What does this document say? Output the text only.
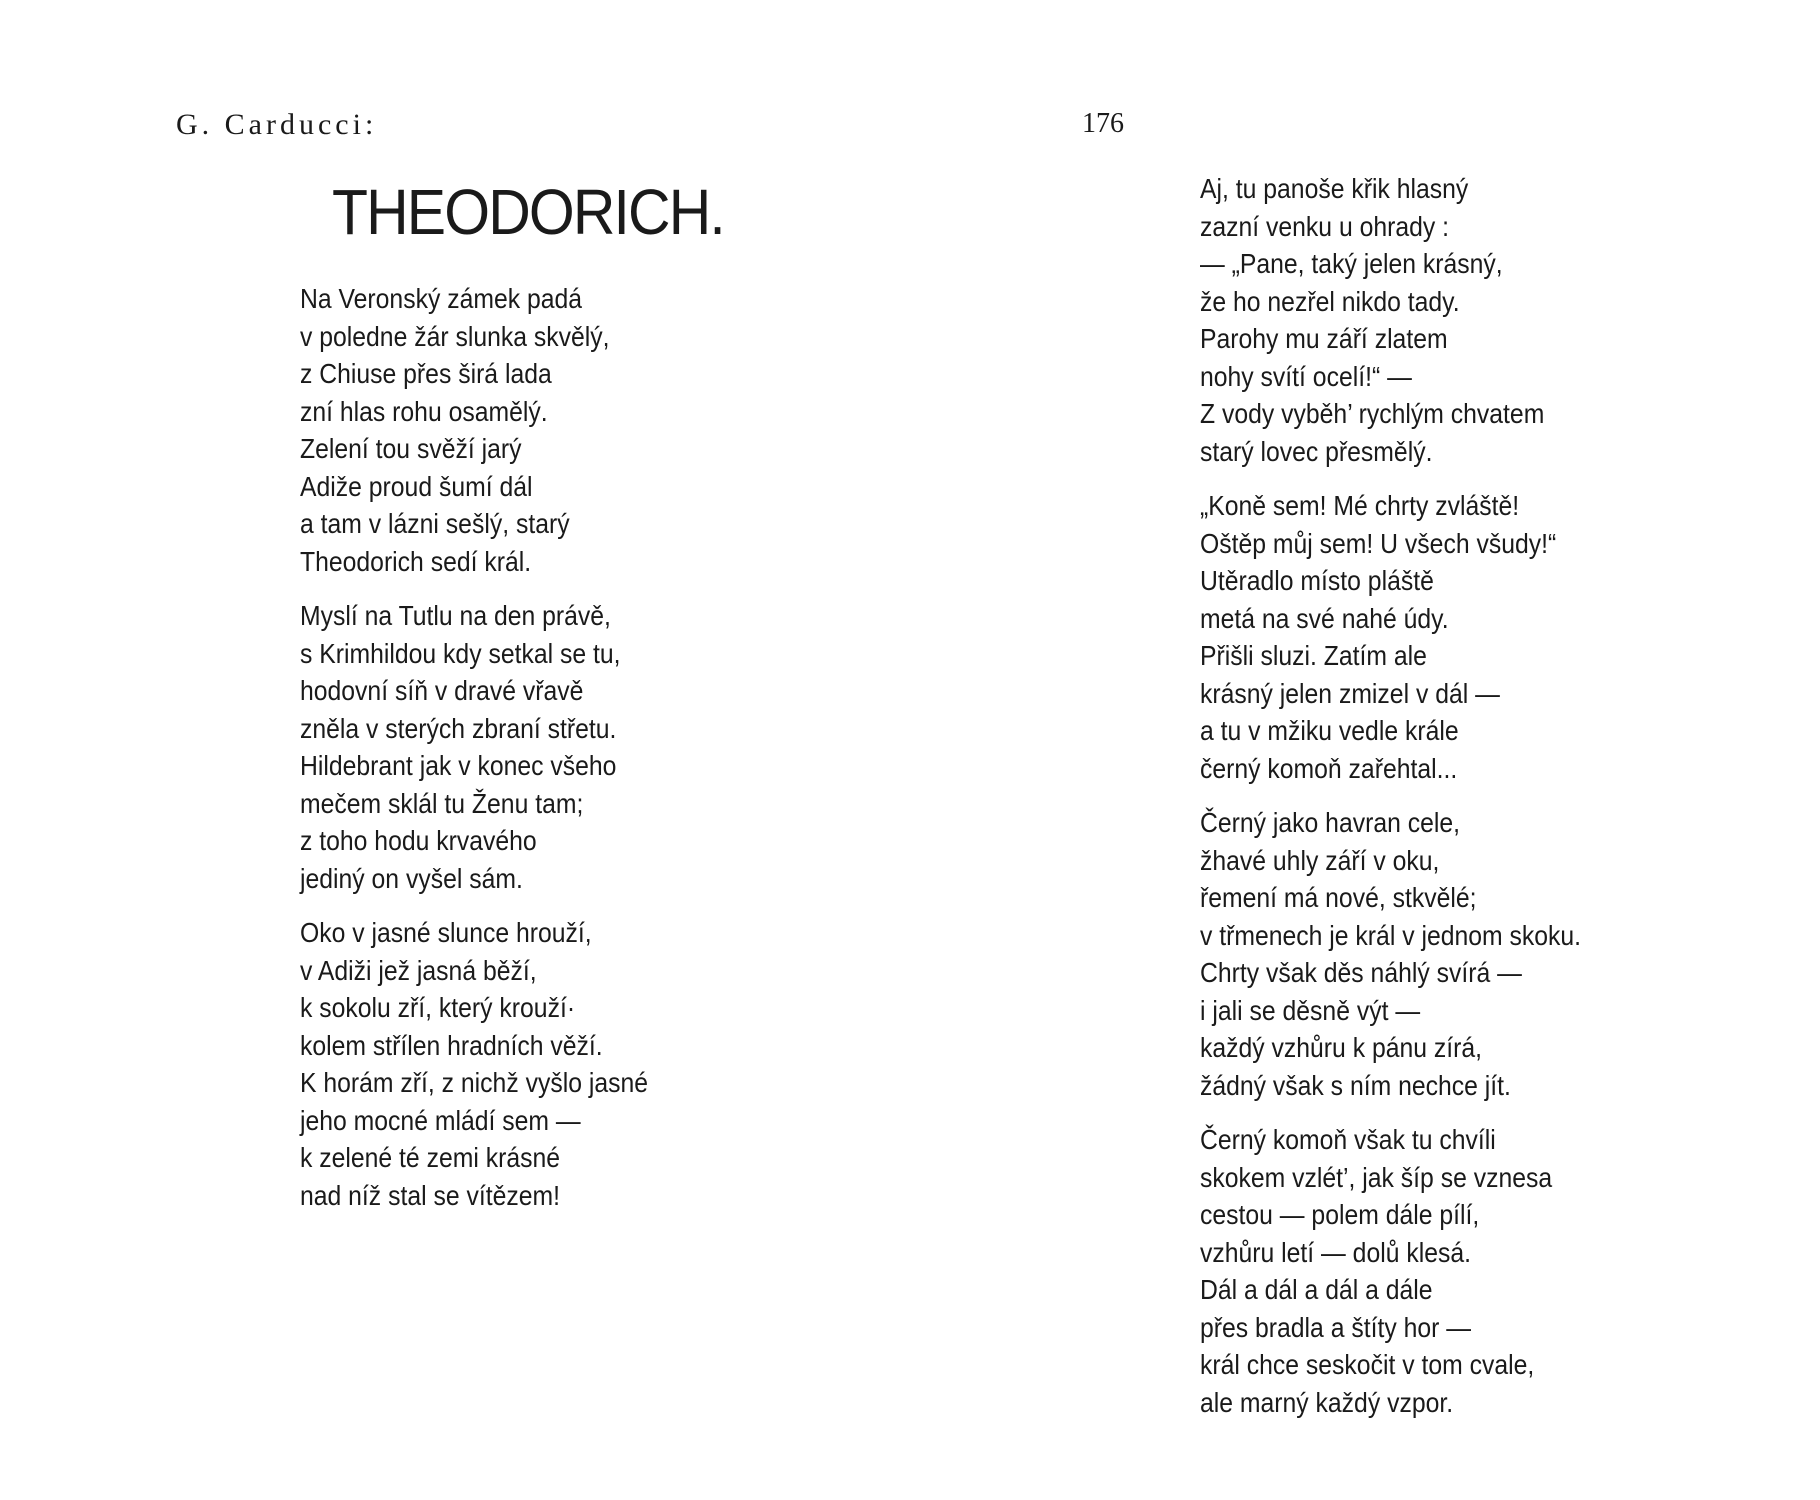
G. Carducci:	176
THEODORICH.
Na Veronský zámek padá
v poledne žár slunka skvělý,
z Chiuse přes širá lada
zní hlas rohu osamělý.
Zelení tou svěží jarý
Adiže proud šumí dál
a tam v lázni sešlý, starý
Theodorich sedí král.
Myslí na Tutlu na den právě,
s Krimhildou kdy setkal se tu,
hodovní síň v dravé vřavě
zněla v sterých zbraní střetu.
Hildebrant jak v konec všeho
mečem sklál tu Ženu tam;
z toho hodu krvavého
jediný on vyšel sám.
Oko v jasné slunce hrouží,
v Adiži jež jasná běží,
k sokolu zří, který krouží·
kolem střílen hradních věží.
K horám zří, z nichž vyšlo jasné
jeho mocné mládí sem —
k zelené té zemi krásné
nad níž stal se vítězem!
Aj, tu panoše křik hlasný
zazní venku u ohrady :
— „Pane, taký jelen krásný,
že ho nezřel nikdo tady.
Parohy mu září zlatem
nohy svítí ocelí!“ —
Z vody vyběh’ rychlým chvatem
starý lovec přesmělý.
„Koně sem! Mé chrty zvláště!
Oštěp můj sem! U všech všudy!“
Utěradlo místo pláště
metá na své nahé údy.
Přišli sluzi. Zatím ale
krásný jelen zmizel v dál —
a tu v mžiku vedle krále
černý komoň zařehtal...
Černý jako havran cele,
žhavé uhly září v oku,
řemení má nové, stkvělé;
v třmenech je král v jednom skoku.
Chrty však děs náhlý svírá —
i jali se děsně výt —
každý vzhůru k pánu zírá,
žádný však s ním nechce jít.
Černý komoň však tu chvíli
skokem vzlét’, jak šíp se vznesa
cestou — polem dále pílí,
vzhůru letí — dolů klesá.
Dál a dál a dál a dále
přes bradla a štíty hor —
král chce seskočit v tom cvale,
ale marný každý vzpor.
